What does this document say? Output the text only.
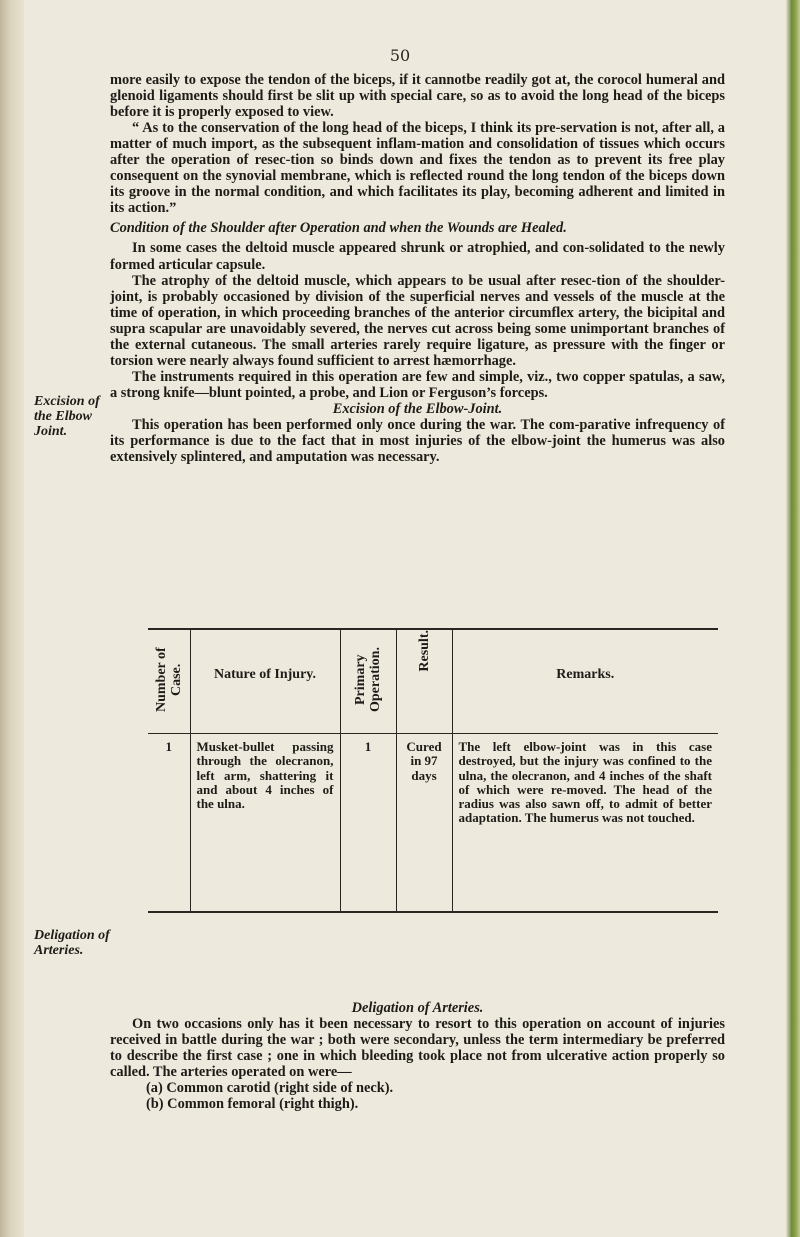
50

more easily to expose the tendon of the biceps, if it cannotbe readily got at, the corocol humeral and glenoid ligaments should first be slit up with special care, so as to avoid the long head of the biceps before it is properly exposed to view.

“ As to the conservation of the long head of the biceps, I think its pre-servation is not, after all, a matter of much import, as the subsequent inflam-mation and consolidation of tissues which occurs after the operation of resec-tion so binds down and fixes the tendon as to prevent its free play consequent on the synovial membrane, which is reflected round the long tendon of the biceps down its groove in the normal condition, and which facilitates its play, becoming adherent and limited in its action.”

Condition of the Shoulder after Operation and when the Wounds are Healed.

In some cases the deltoid muscle appeared shrunk or atrophied, and con-solidated to the newly formed articular capsule.

The atrophy of the deltoid muscle, which appears to be usual after resec-tion of the shoulder-joint, is probably occasioned by division of the superficial nerves and vessels of the muscle at the time of operation, in which proceeding branches of the anterior circumflex artery, the bicipital and supra scapular are unavoidably severed, the nerves cut across being some unimportant branches of the external cutaneous. The small arteries rarely require ligature, as pressure with the finger or torsion were nearly always found sufficient to arrest hæmorrhage.

The instruments required in this operation are few and simple, viz., two copper spatulas, a saw, a strong knife—blunt pointed, a probe, and Lion or Ferguson’s forceps.

Excision of the Elbow-Joint.

This operation has been performed only once during the war. The com-parative infrequency of its performance is due to the fact that in most injuries of the elbow-joint the humerus was also extensively splintered, and amputation was necessary.

Excision of the Elbow Joint.
Deligation of Arteries.
Number of Case.	Nature of Injury.	Primary Operation.	Result.	Remarks.

1	Musket-bullet passing through the olecranon, left arm, shattering it and about 4 inches of the ulna.	1	Cured in 97 days	The left elbow-joint was in this case destroyed, but the injury was confined to the ulna, the olecranon, and 4 inches of the shaft of which were re-moved. The head of the radius was also sawn off, to admit of better adaptation. The humerus was not touched.

Deligation of Arteries.

On two occasions only has it been necessary to resort to this operation on account of injuries received in battle during the war ; both were secondary, unless the term intermediary be preferred to describe the first case ; one in which bleeding took place not from ulcerative action properly so called. The arteries operated on were—

(a) Common carotid (right side of neck).

(b) Common femoral (right thigh).
